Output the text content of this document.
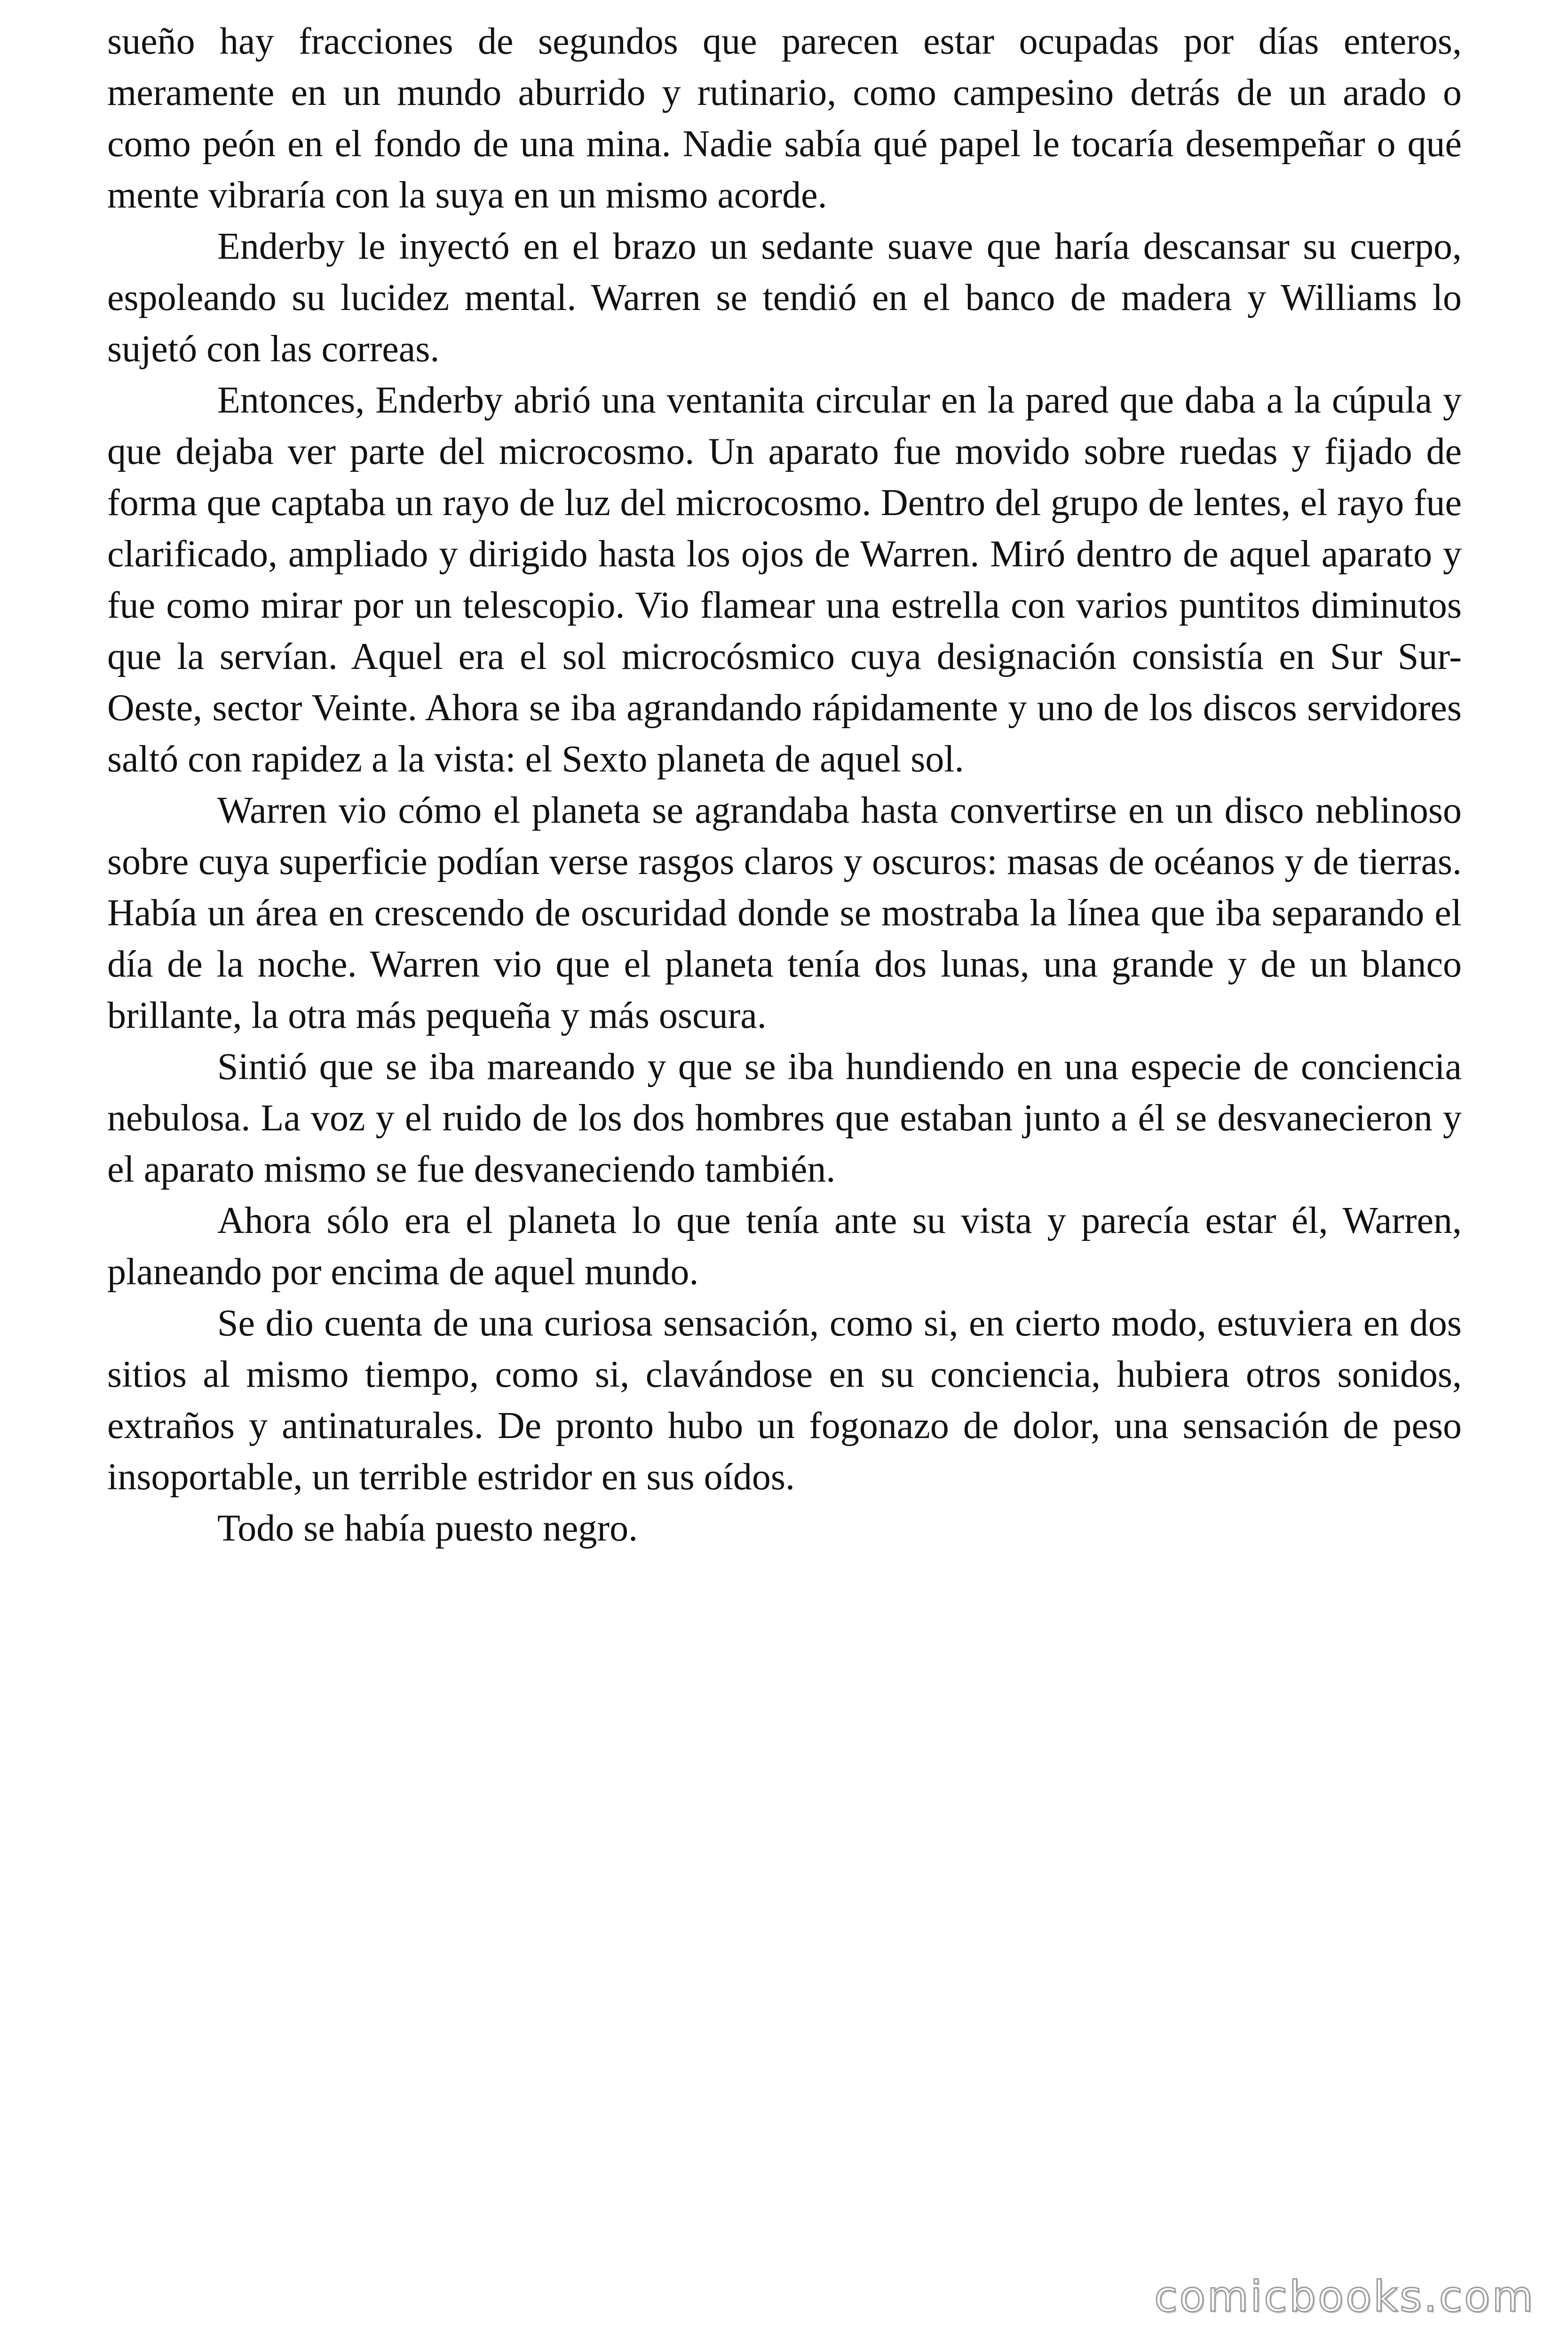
sueño hay fracciones de segundos que parecen estar ocupadas por días enteros, meramente en un mundo aburrido y rutinario, como campesino detrás de un arado o como peón en el fondo de una mina. Nadie sabía qué papel le tocaría desempeñar o qué mente vibraría con la suya en un mismo acorde.

Enderby le inyectó en el brazo un sedante suave que haría descansar su cuerpo, espoleando su lucidez mental. Warren se tendió en el banco de madera y Williams lo sujetó con las correas.

Entonces, Enderby abrió una ventanita circular en la pared que daba a la cúpula y que dejaba ver parte del microcosmo. Un aparato fue movido sobre ruedas y fijado de forma que captaba un rayo de luz del microcosmo. Dentro del grupo de lentes, el rayo fue clarificado, ampliado y dirigido hasta los ojos de Warren. Miró dentro de aquel aparato y fue como mirar por un telescopio. Vio flamear una estrella con varios puntitos diminutos que la servían. Aquel era el sol microcósmico cuya designación consistía en Sur Sur-Oeste, sector Veinte. Ahora se iba agrandando rápidamente y uno de los discos servidores saltó con rapidez a la vista: el Sexto planeta de aquel sol.

Warren vio cómo el planeta se agrandaba hasta convertirse en un disco neblinoso sobre cuya superficie podían verse rasgos claros y oscuros: masas de océanos y de tierras. Había un área en crescendo de oscuridad donde se mostraba la línea que iba separando el día de la noche. Warren vio que el planeta tenía dos lunas, una grande y de un blanco brillante, la otra más pequeña y más oscura.

Sintió que se iba mareando y que se iba hundiendo en una especie de conciencia nebulosa. La voz y el ruido de los dos hombres que estaban junto a él se desvanecieron y el aparato mismo se fue desvaneciendo también.

Ahora sólo era el planeta lo que tenía ante su vista y parecía estar él, Warren, planeando por encima de aquel mundo.

Se dio cuenta de una curiosa sensación, como si, en cierto modo, estuviera en dos sitios al mismo tiempo, como si, clavándose en su conciencia, hubiera otros sonidos, extraños y antinaturales. De pronto hubo un fogonazo de dolor, una sensación de peso insoportable, un terrible estridor en sus oídos.

Todo se había puesto negro.

comicbooks.com
